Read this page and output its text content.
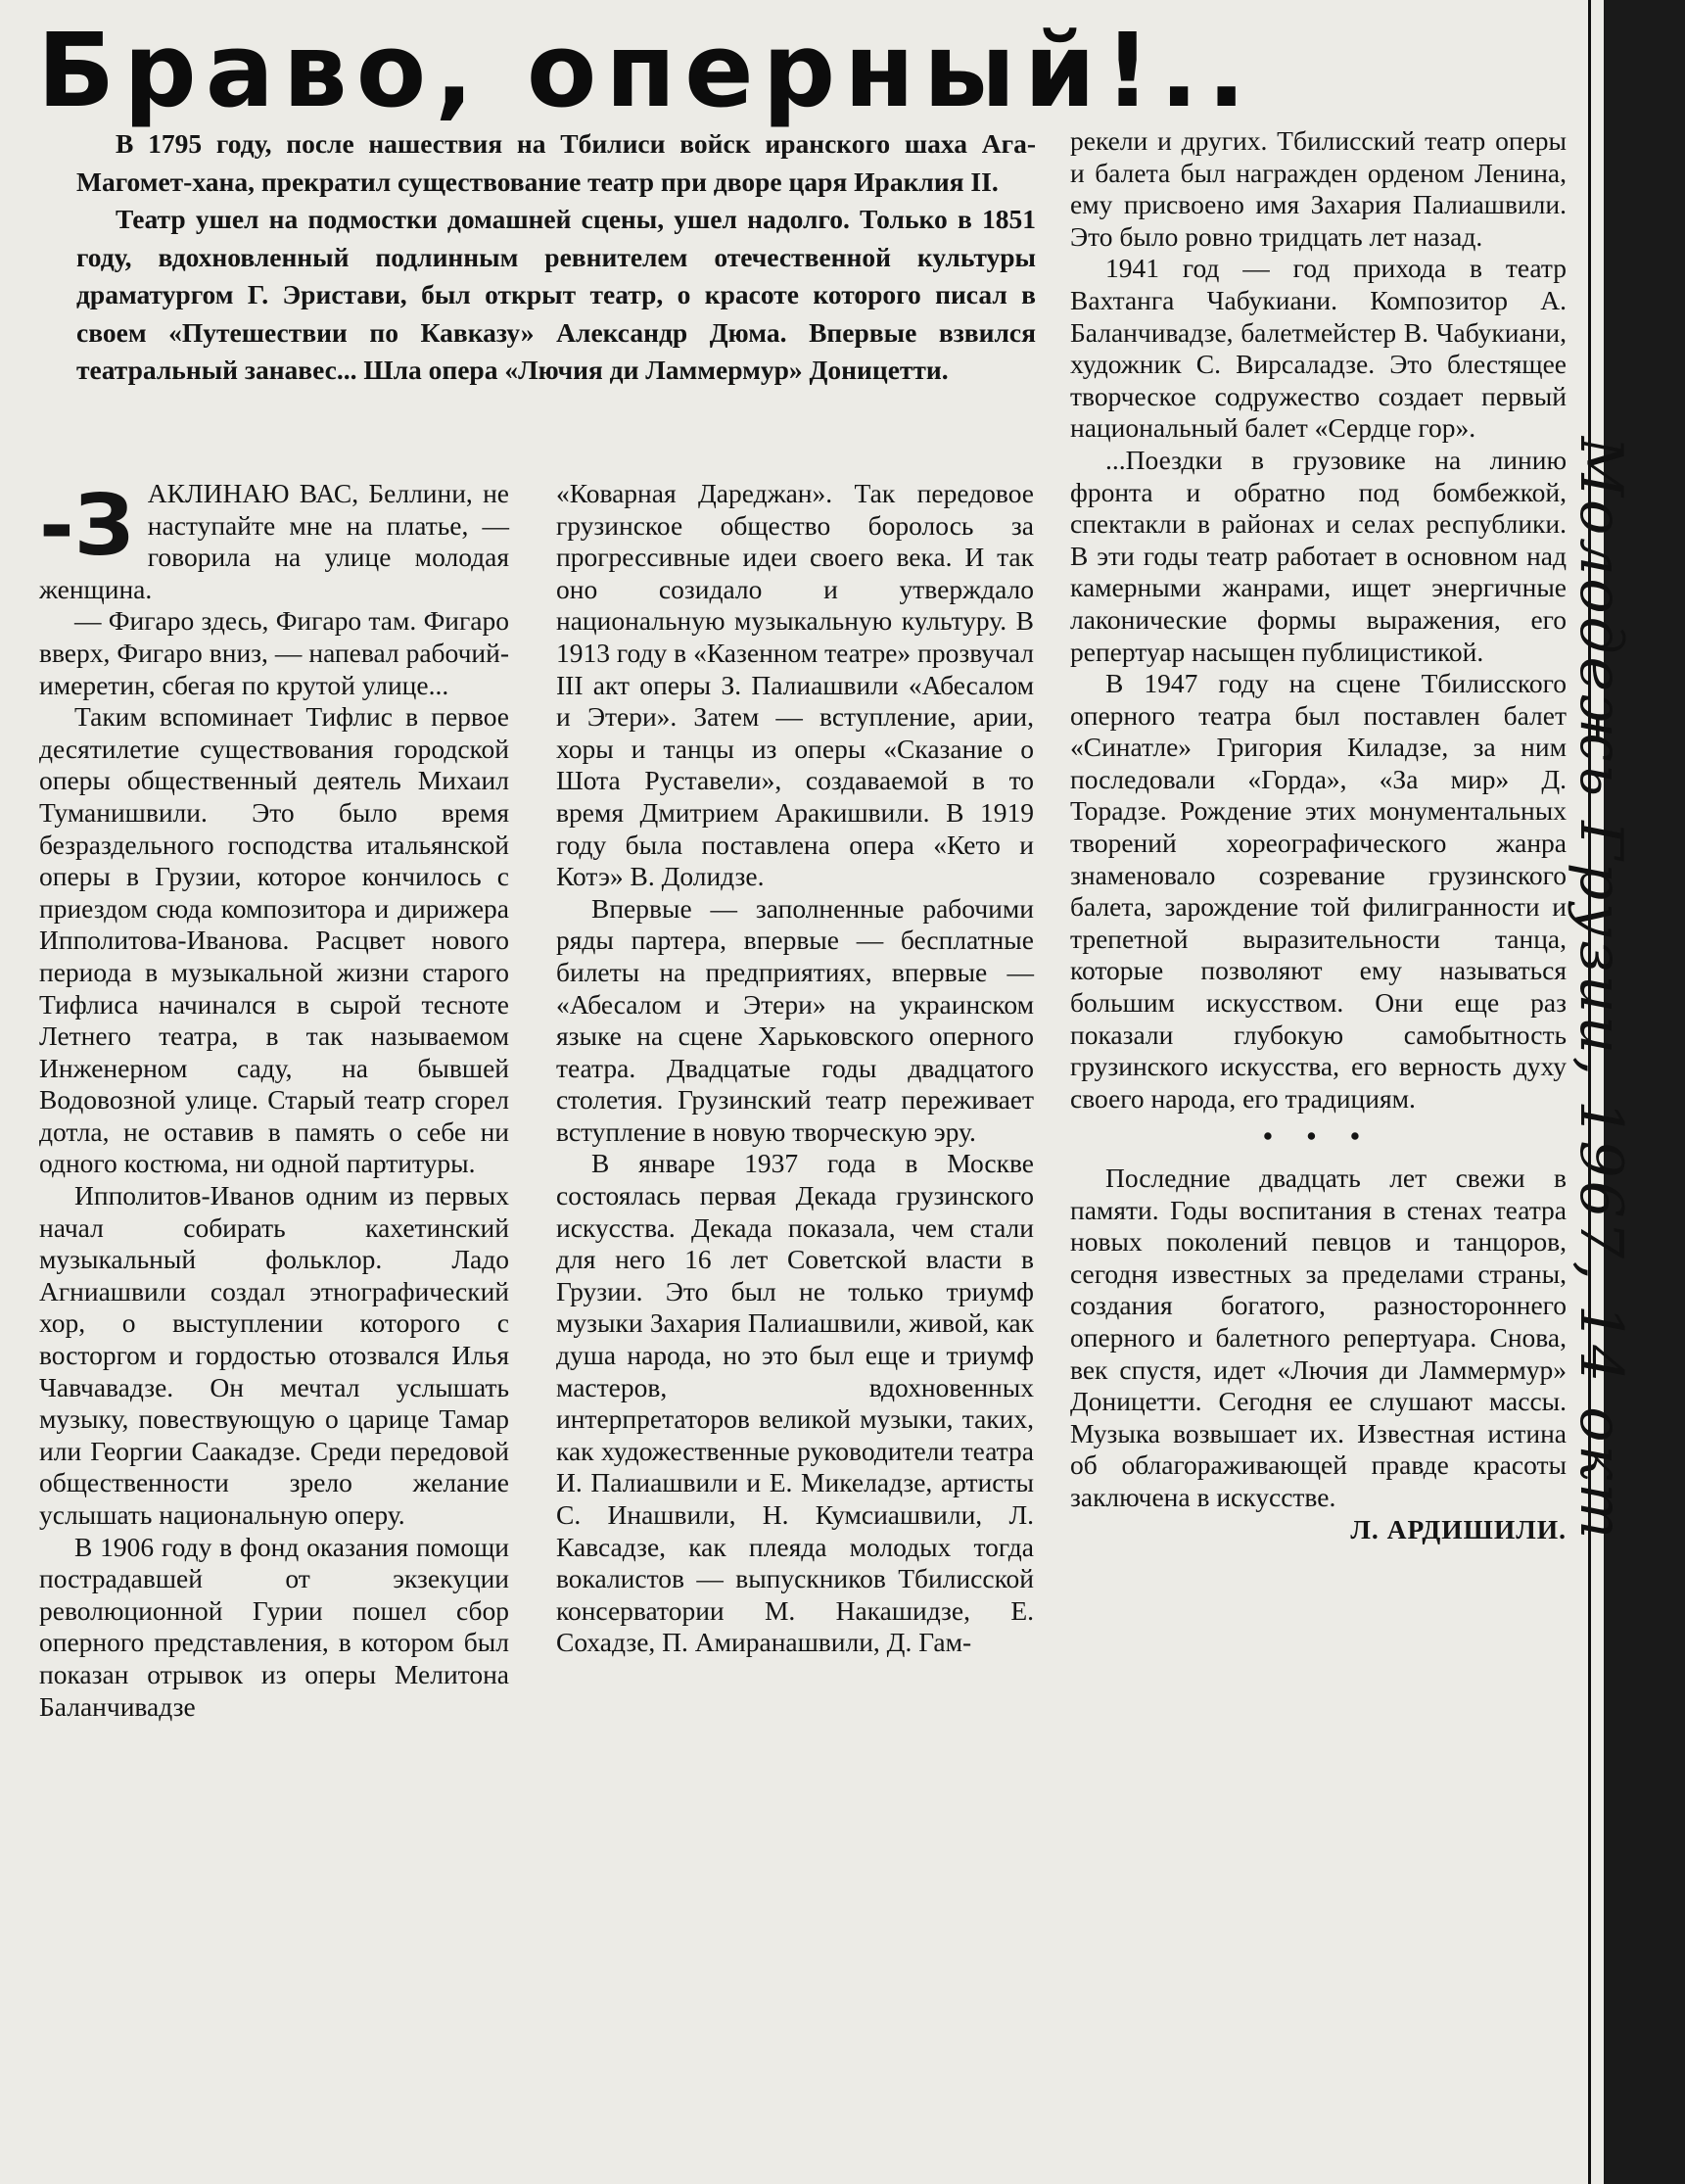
Браво, оперный!..

В 1795 году, после нашествия на Тбилиси войск иранского шаха Ага-Магомет-хана, прекратил существование театр при дворе царя Ираклия II.

Театр ушел на подмостки домашней сцены, ушел надолго. Только в 1851 году, вдохновленный подлинным ревнителем отечественной культуры драматургом Г. Эристави, был открыт театр, о красоте которого писал в своем «Путешествии по Кавказу» Александр Дюма. Впервые взвился театральный занавес... Шла опера «Лючия ди Ламмермур» Доницетти.

-З АКЛИНАЮ ВАС, Беллини, не наступайте мне на платье, — говорила на улице молодая женщина.

— Фигаро здесь, Фигаро там. Фигаро вверх, Фигаро вниз, — напевал рабочий-имеретин, сбегая по крутой улице...

Таким вспоминает Тифлис в первое десятилетие существования городской оперы общественный деятель Михаил Туманишвили. Это было время безраздельного господства итальянской оперы в Грузии, которое кончилось с приездом сюда композитора и дирижера Ипполитова-Иванова. Расцвет нового периода в музыкальной жизни старого Тифлиса начинался в сырой тесноте Летнего театра, в так называемом Инженерном саду, на бывшей Водовозной улице. Старый театр сгорел дотла, не оставив в память о себе ни одного костюма, ни одной партитуры.

Ипполитов-Иванов одним из первых начал собирать кахетинский музыкальный фольклор. Ладо Агниашвили создал этнографический хор, о выступлении которого с восторгом и гордостью отозвался Илья Чавчавадзе. Он мечтал услышать музыку, повествующую о царице Тамар или Георгии Саакадзе. Среди передовой общественности зрело желание услышать национальную оперу.

В 1906 году в фонд оказания помощи пострадавшей от экзекуции революционной Гурии пошел сбор оперного представления, в котором был показан отрывок из оперы Мелитона Баланчивадзе

«Коварная Дареджан». Так передовое грузинское общество боролось за прогрессивные идеи своего века. И так оно созидало и утверждало национальную музыкальную культуру. В 1913 году в «Казенном театре» прозвучал III акт оперы З. Палиашвили «Абесалом и Этери». Затем — вступление, арии, хоры и танцы из оперы «Сказание о Шота Руставели», создаваемой в то время Дмитрием Аракишвили. В 1919 году была поставлена опера «Кето и Котэ» В. Долидзе.

Впервые — заполненные рабочими ряды партера, впервые — бесплатные билеты на предприятиях, впервые — «Абесалом и Этери» на украинском языке на сцене Харьковского оперного театра. Двадцатые годы двадцатого столетия. Грузинский театр переживает вступление в новую творческую эру.

В январе 1937 года в Москве состоялась первая Декада грузинского искусства. Декада показала, чем стали для него 16 лет Советской власти в Грузии. Это был не только триумф музыки Захария Палиашвили, живой, как душа народа, но это был еще и триумф мастеров, вдохновенных интерпретаторов великой музыки, таких, как художественные руководители театра И. Палиашвили и Е. Микеладзе, артисты С. Инашвили, Н. Кумсиашвили, Л. Кавсадзе, как плеяда молодых тогда вокалистов — выпускников Тбилисской консерватории М. Накашидзе, Е. Сохадзе, П. Амиранашвили, Д. Гам-

рекели и других. Тбилисский театр оперы и балета был награжден орденом Ленина, ему присвоено имя Захария Палиашвили. Это было ровно тридцать лет назад.

1941 год — год прихода в театр Вахтанга Чабукиани. Композитор А. Баланчивадзе, балетмейстер В. Чабукиани, художник С. Вирсаладзе. Это блестящее творческое содружество создает первый национальный балет «Сердце гор».

...Поездки в грузовике на линию фронта и обратно под бомбежкой, спектакли в районах и селах республики. В эти годы театр работает в основном над камерными жанрами, ищет энергичные лаконические формы выражения, его репертуар насыщен публицистикой.

В 1947 году на сцене Тбилисского оперного театра был поставлен балет «Синатле» Григория Киладзе, за ним последовали «Горда», «За мир» Д. Торадзе. Рождение этих монументальных творений хореографического жанра знаменовало созревание грузинского балета, зарождение той филигранности и трепетной выразительности танца, которые позволяют ему называться большим искусством. Они еще раз показали глубокую самобытность грузинского искусства, его верность духу своего народа, его традициям.

• • •

Последние двадцать лет свежи в памяти. Годы воспитания в стенах театра новых поколений певцов и танцоров, сегодня известных за пределами страны, создания богатого, разностороннего оперного и балетного репертуара. Снова, век спустя, идет «Лючия ди Ламмермур» Доницетти. Сегодня ее слушают массы. Музыка возвышает их. Известная истина об облагораживающей правде красоты заключена в искусстве.

Л. АРДИШИЛИ. Молодежь Грузии, 1967, 14 окт
